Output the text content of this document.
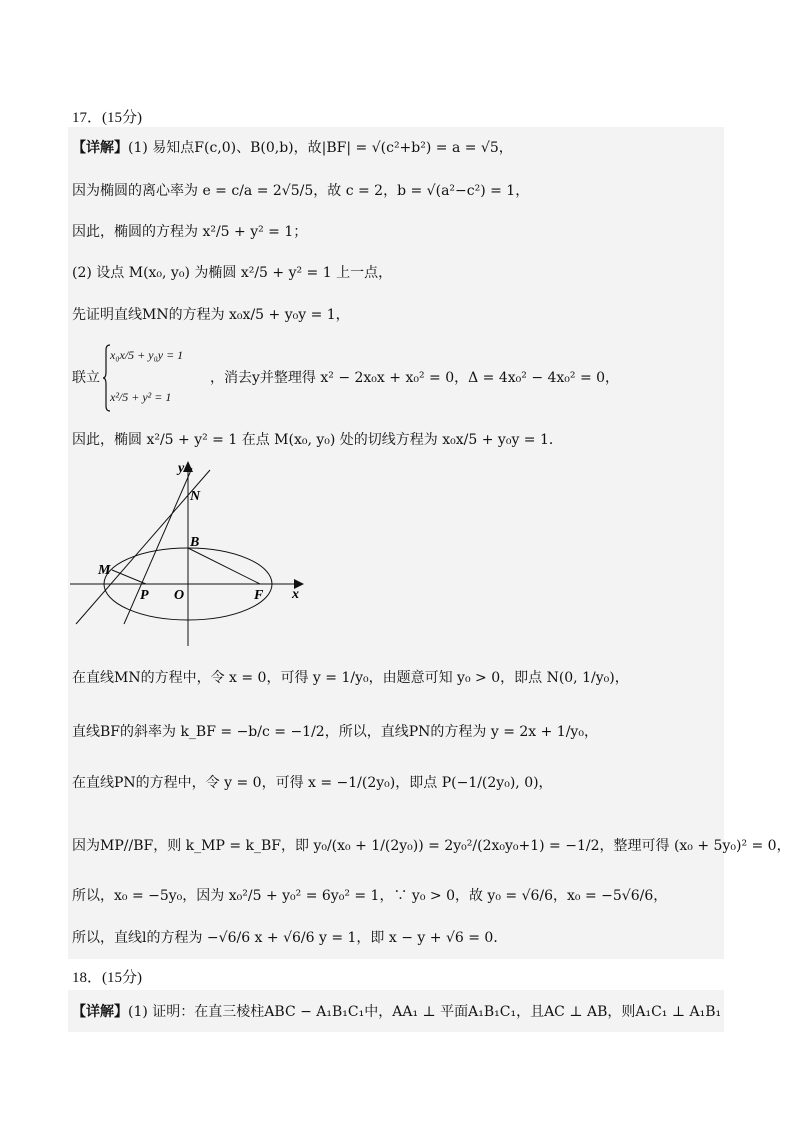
17．(15分)
【详解】(1) 易知点F(c,0)、B(0,b)，故|BF| = √(c²+b²) = a = √5，
因为椭圆的离心率为 e = c/a = 2√5/5，故 c = 2，b = √(a²−c²) = 1，
因此，椭圆的方程为 x²/5 + y² = 1；
(2) 设点 M(x₀, y₀) 为椭圆 x²/5 + y² = 1 上一点，
先证明直线MN的方程为 x₀x/5 + y₀y = 1，
联立	，消去y并整理得 x² − 2x₀x + x₀² = 0，Δ = 4x₀² − 4x₀² = 0，
x₀x/5 + y₀y = 1
x²/5 + y² = 1
因此，椭圆 x²/5 + y² = 1 在点 M(x₀, y₀) 处的切线方程为 x₀x/5 + y₀y = 1．
y
x
N
B
M
P O	F
在直线MN的方程中，令 x = 0，可得 y = 1/y₀，由题意可知 y₀ > 0，即点 N(0, 1/y₀)，
直线BF的斜率为 k_BF = −b/c = −1/2，所以，直线PN的方程为 y = 2x + 1/y₀，
在直线PN的方程中，令 y = 0，可得 x = −1/(2y₀)，即点 P(−1/(2y₀), 0)，
因为MP//BF，则 k_MP = k_BF，即 y₀/(x₀ + 1/(2y₀)) = 2y₀²/(2x₀y₀+1) = −1/2，整理可得 (x₀ + 5y₀)² = 0，
所以，x₀ = −5y₀，因为 x₀²/5 + y₀² = 6y₀² = 1，∵ y₀ > 0，故 y₀ = √6/6，x₀ = −5√6/6，
所以，直线l的方程为 −√6/6 x + √6/6 y = 1，即 x − y + √6 = 0．
18．(15分)
【详解】(1) 证明：在直三棱柱ABC − A₁B₁C₁中，AA₁ ⊥ 平面A₁B₁C₁，且AC ⊥ AB，则A₁C₁ ⊥ A₁B₁
